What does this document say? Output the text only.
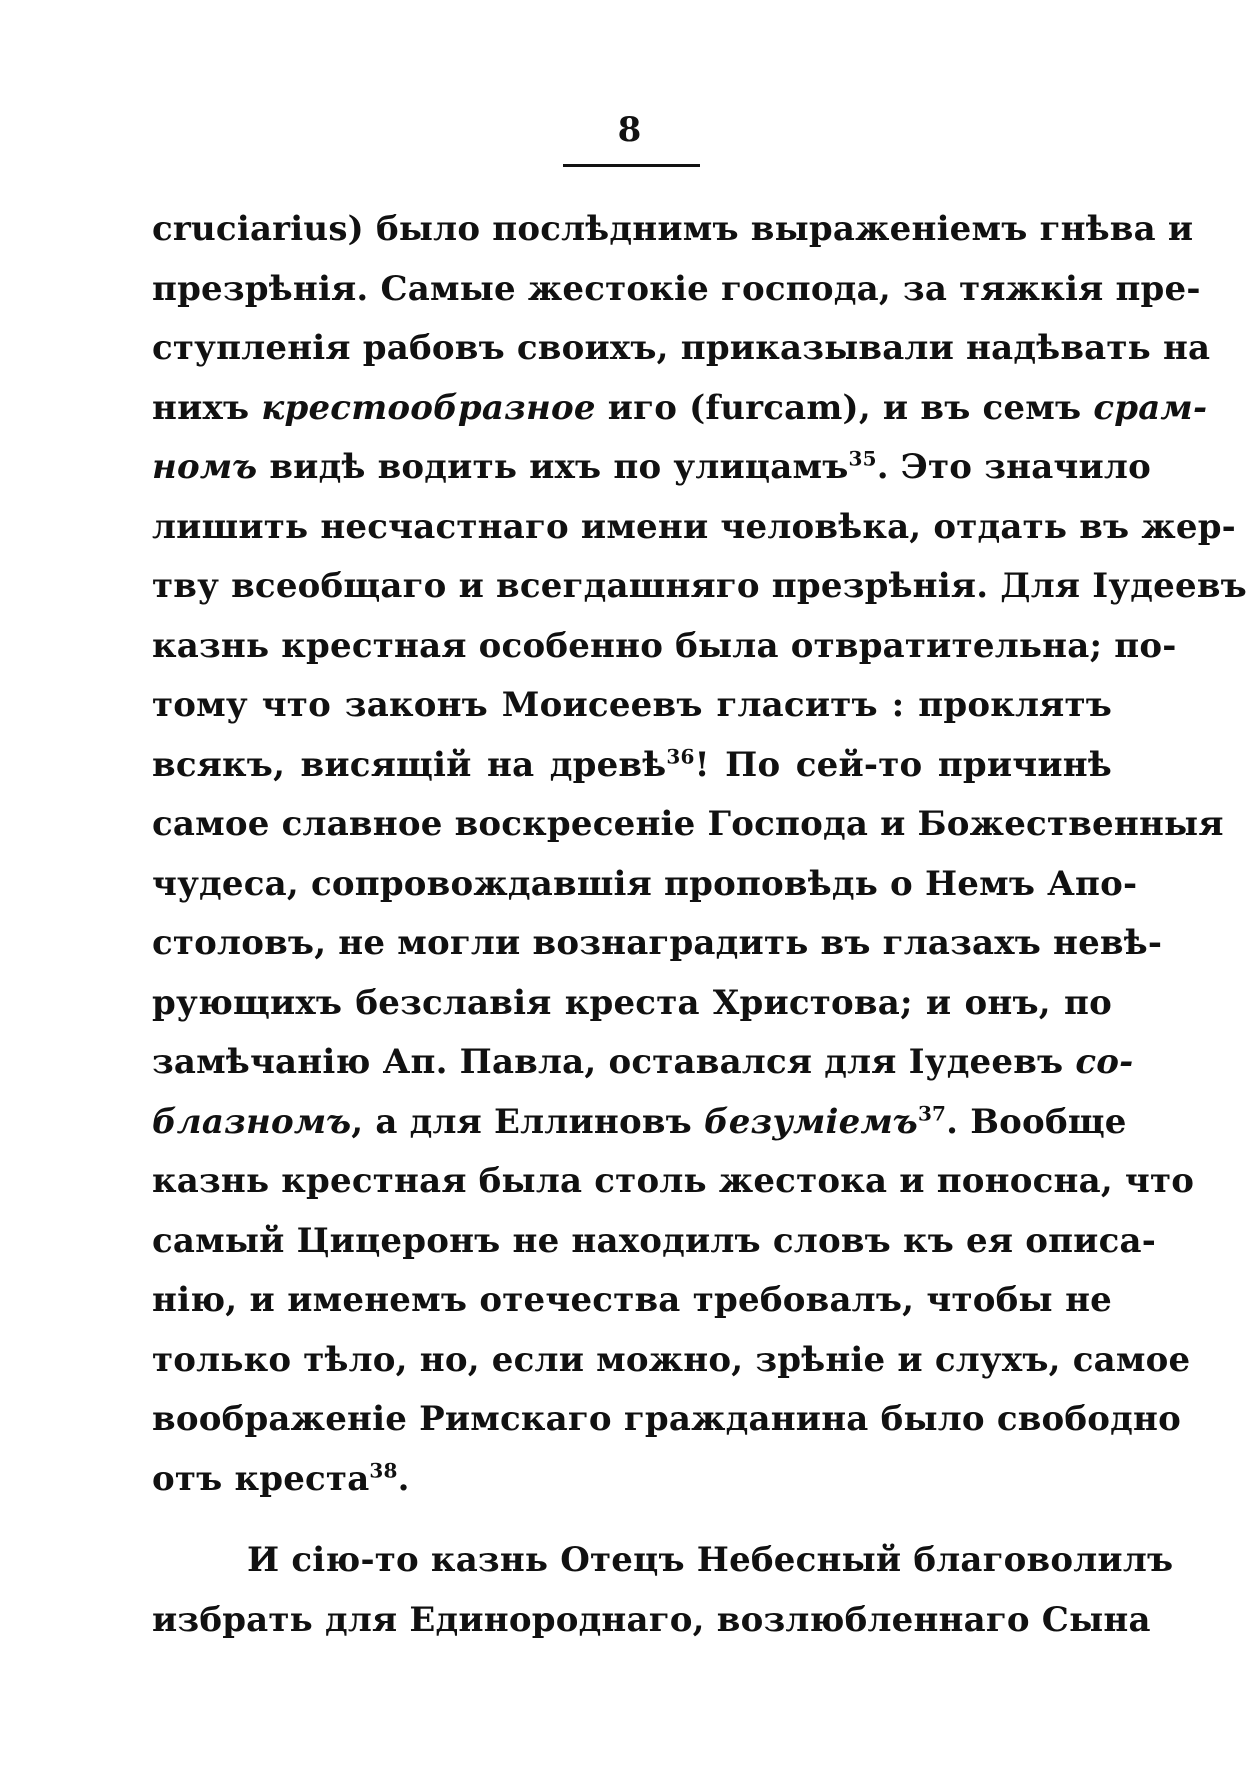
8
cruciarius) было послѣднимъ выраженіемъ гнѣва и
презрѣнія. Самые жестокіе господа, за тяжкія пре-
ступленія рабовъ своихъ, приказывали надѣвать на
нихъ крестообразное иго (furcam), и въ семъ срам-
номъ видѣ водить ихъ по улицамъ$^{35}$. Это значило
лишить несчастнаго имени человѣка, отдать въ жер-
тву всеобщаго и всегдашняго презрѣнія. Для Іудеевъ
казнь крестная особенно была отвратительна; по-
тому что законъ Моисеевъ гласитъ : проклятъ
всякъ, висящій на древѣ$^{36}$! По сей-то причинѣ
самое славное воскресеніе Господа и Божественныя
чудеса, сопровождавшія проповѣдь о Немъ Апо-
столовъ, не могли вознаградить въ глазахъ невѣ-
рующихъ безславія креста Христова; и онъ, по
замѣчанію Ап. Павла, оставался для Іудеевъ со-
блазномъ, а для Еллиновъ безуміемъ$^{37}$. Вообще
казнь крестная была столь жестока и поносна, что
самый Цицеронъ не находилъ словъ къ ея описа-
нію, и именемъ отечества требовалъ, чтобы не
только тѣло, но, если можно, зрѣніе и слухъ, самое
воображеніе Римскаго гражданина было свободно
отъ креста$^{38}$.
И сію-то казнь Отецъ Небесный благоволилъ
избрать для Единороднаго, возлюбленнаго Сына
